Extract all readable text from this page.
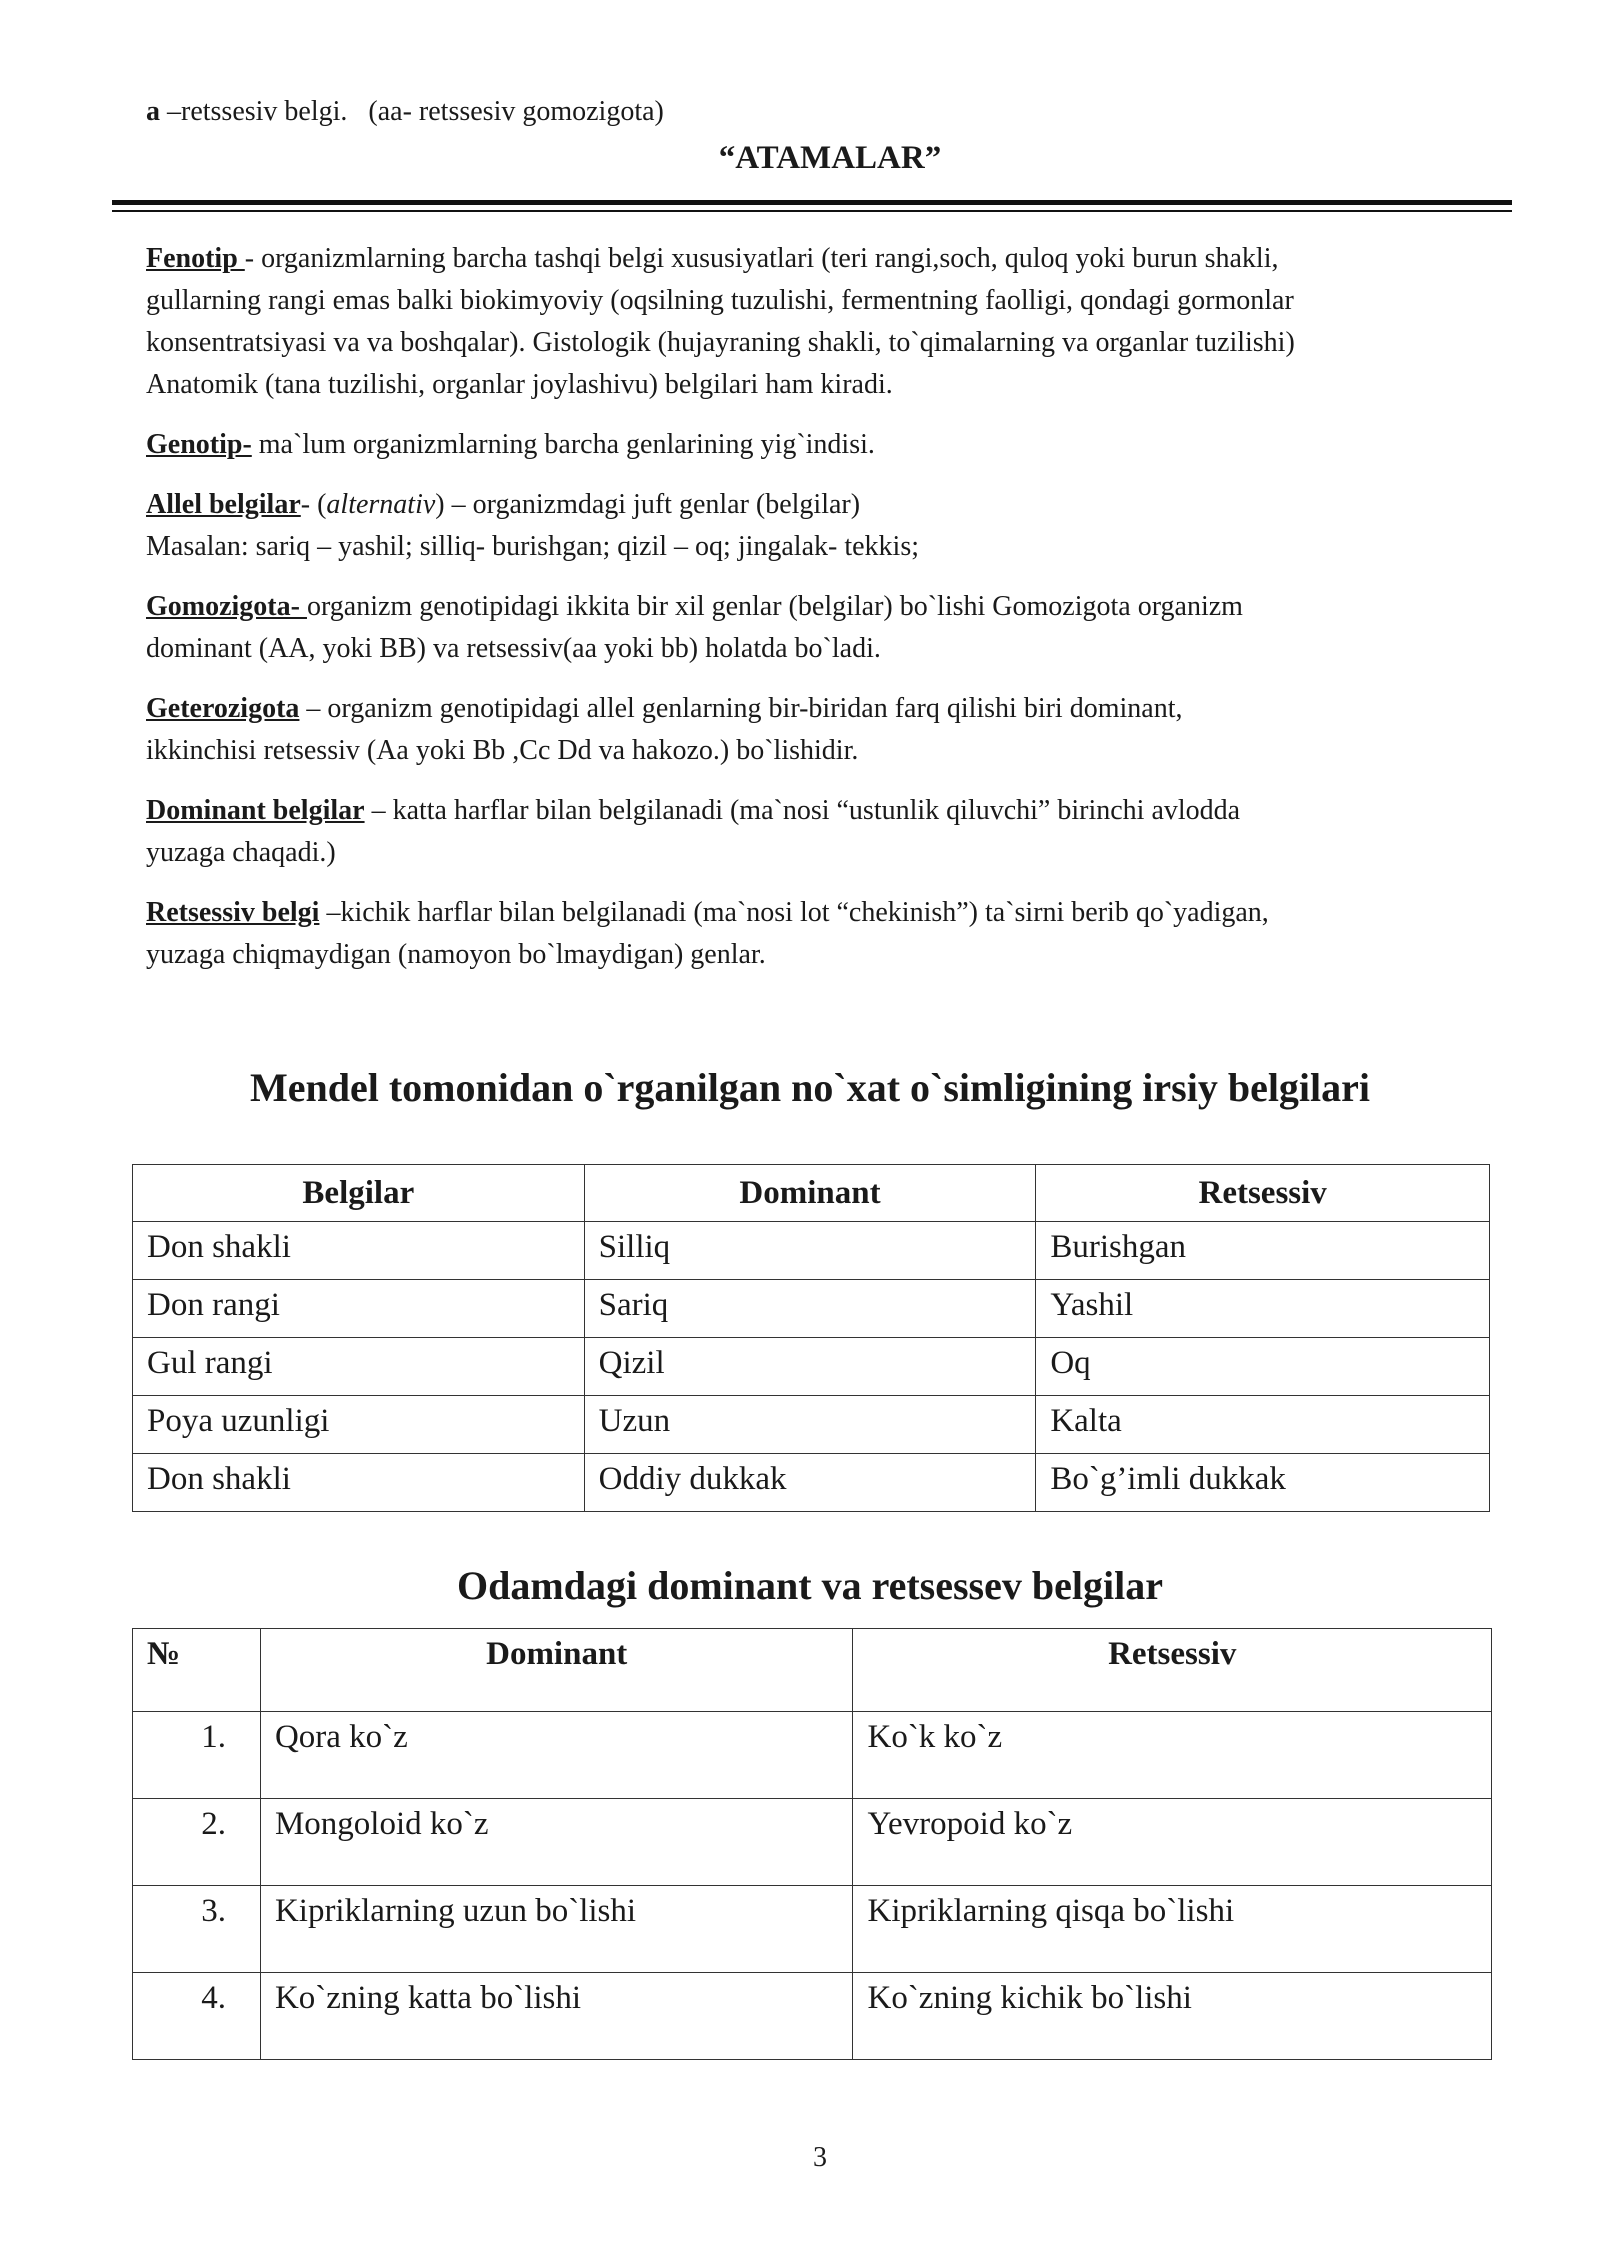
a –retssesiv belgi.   (aa- retssesiv gomozigota)
“ATAMALAR”
Fenotip - organizmlarning barcha tashqi belgi xususiyatlari (teri rangi,soch, quloq yoki burun shakli,
gullarning rangi emas balki biokimyoviy (oqsilning tuzulishi, fermentning faolligi, qondagi gormonlar
konsentratsiyasi va va boshqalar). Gistologik (hujayraning shakli, to`qimalarning va organlar tuzilishi)
Anatomik (tana tuzilishi, organlar joylashivu) belgilari ham kiradi.
Genotip- ma`lum organizmlarning barcha genlarining yig`indisi.
Allel belgilar- (alternativ) – organizmdagi juft genlar (belgilar)
Masalan: sariq – yashil; silliq- burishgan; qizil – oq; jingalak- tekkis;
Gomozigota- organizm genotipidagi ikkita bir xil genlar (belgilar) bo`lishi Gomozigota organizm
dominant (AA, yoki BB) va retsessiv(aa yoki bb) holatda bo`ladi.
Geterozigota – organizm genotipidagi allel genlarning bir-biridan farq qilishi biri dominant,
ikkinchisi retsessiv (Aa yoki Bb ,Cc Dd va hakozo.) bo`lishidir.
Dominant belgilar – katta harflar bilan belgilanadi (ma`nosi “ustunlik qiluvchi” birinchi avlodda
yuzaga chaqadi.)
Retsessiv belgi –kichik harflar bilan belgilanadi (ma`nosi lot “chekinish”) ta`sirni berib qo`yadigan,
yuzaga chiqmaydigan (namoyon bo`lmaydigan) genlar.
Mendel tomonidan o`rganilgan no`xat o`simligining irsiy belgilari
Belgilar	Dominant	Retsessiv
Don shakli	Silliq	Burishgan
Don rangi	Sariq	Yashil
Gul rangi	Qizil	Oq
Poya uzunligi	Uzun	Kalta
Don shakli	Oddiy dukkak	Bo`g’imli dukkak
Odamdagi dominant va retsessev belgilar
№	Dominant	Retsessiv
1.	Qora ko`z	Ko`k ko`z
2.	Mongoloid ko`z	Yevropoid ko`z
3.	Kipriklarning uzun bo`lishi	Kipriklarning qisqa bo`lishi
4.	Ko`zning katta bo`lishi	Ko`zning kichik bo`lishi
3
